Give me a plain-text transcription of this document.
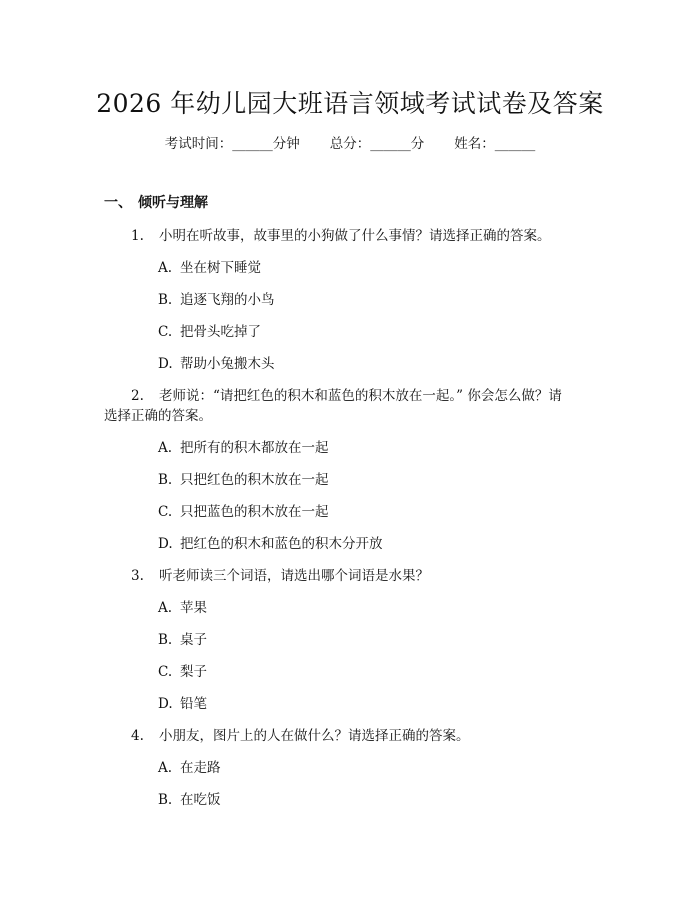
2026 年幼儿园大班语言领域考试试卷及答案
考试时间：______分钟 总分：______分 姓名：______
一、 倾听与理解
1. 小明在听故事，故事里的小狗做了什么事情？请选择正确的答案。
A. 坐在树下睡觉
B. 追逐飞翔的小鸟
C. 把骨头吃掉了
D. 帮助小兔搬木头
2. 老师说：“请把红色的积木和蓝色的积木放在一起。” 你会怎么做？请
选择正确的答案。
A. 把所有的积木都放在一起
B. 只把红色的积木放在一起
C. 只把蓝色的积木放在一起
D. 把红色的积木和蓝色的积木分开放
3. 听老师读三个词语，请选出哪个词语是水果？
A. 苹果
B. 桌子
C. 梨子
D. 铅笔
4. 小朋友，图片上的人在做什么？请选择正确的答案。
A. 在走路
B. 在吃饭
